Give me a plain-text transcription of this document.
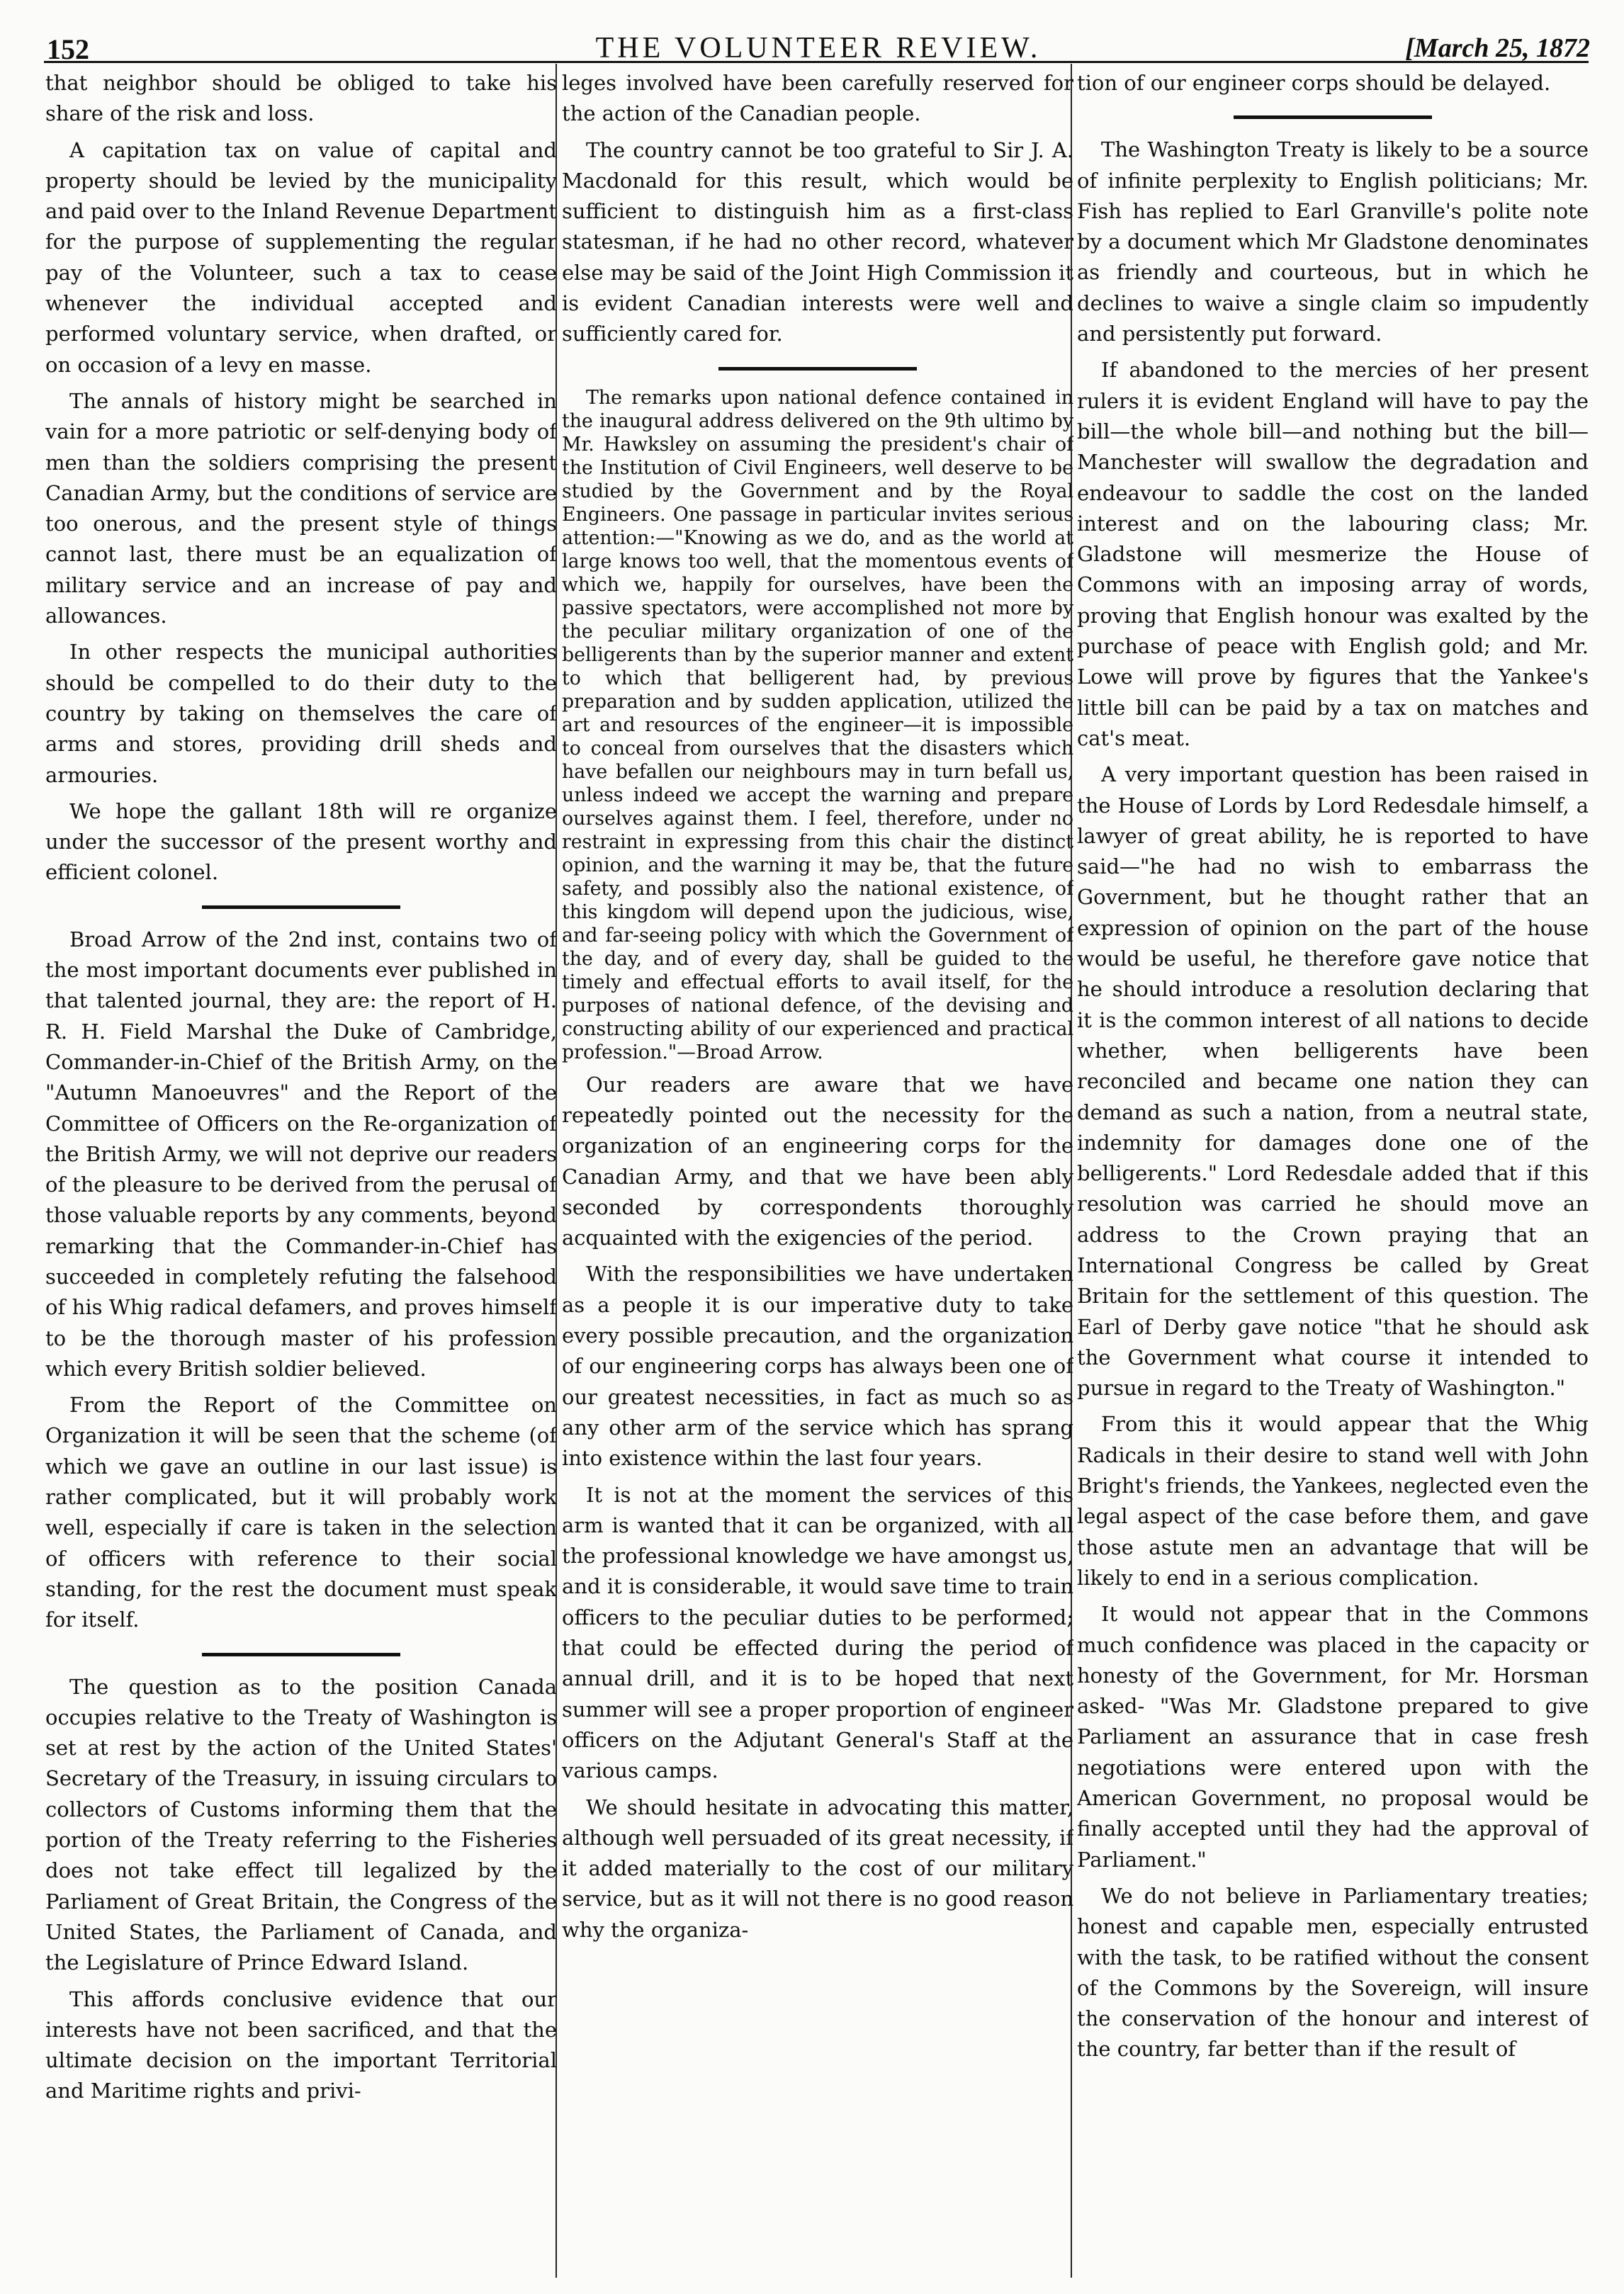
152	THE VOLUNTEER REVIEW.	[March 25, 1872

that neighbor should be obliged to take his share of the risk and loss.

A capitation tax on value of capital and property should be levied by the municipality and paid over to the Inland Revenue Department for the purpose of supplementing the regular pay of the Volunteer, such a tax to cease whenever the individual accepted and performed voluntary service, when drafted, or on occasion of a levy en masse.

The annals of history might be searched in vain for a more patriotic or self-denying body of men than the soldiers comprising the present Canadian Army, but the conditions of service are too onerous, and the present style of things cannot last, there must be an equalization of military service and an increase of pay and allowances.

In other respects the municipal authorities should be compelled to do their duty to the country by taking on themselves the care of arms and stores, providing drill sheds and armouries.

We hope the gallant 18th will re organize under the successor of the present worthy and efficient colonel.

Broad Arrow of the 2nd inst, contains two of the most important documents ever published in that talented journal, they are: the report of H. R. H. Field Marshal the Duke of Cambridge, Commander-in-Chief of the British Army, on the "Autumn Manoeuvres" and the Report of the Committee of Officers on the Re-organization of the British Army, we will not deprive our readers of the pleasure to be derived from the perusal of those valuable reports by any comments, beyond remarking that the Commander-in-Chief has succeeded in completely refuting the falsehood of his Whig radical defamers, and proves himself to be the thorough master of his profession which every British soldier believed.

From the Report of the Committee on Organization it will be seen that the scheme (of which we gave an outline in our last issue) is rather complicated, but it will probably work well, especially if care is taken in the selection of officers with reference to their social standing, for the rest the document must speak for itself.

The question as to the position Canada occupies relative to the Treaty of Washington is set at rest by the action of the United States' Secretary of the Treasury, in issuing circulars to collectors of Customs informing them that the portion of the Treaty referring to the Fisheries does not take effect till legalized by the Parliament of Great Britain, the Congress of the United States, the Parliament of Canada, and the Legislature of Prince Edward Island.

This affords conclusive evidence that our interests have not been sacrificed, and that the ultimate decision on the important Territorial and Maritime rights and privi-

leges involved have been carefully reserved for the action of the Canadian people.

The country cannot be too grateful to Sir J. A. Macdonald for this result, which would be sufficient to distinguish him as a first-class statesman, if he had no other record, whatever else may be said of the Joint High Commission it is evident Canadian interests were well and sufficiently cared for.

The remarks upon national defence contained in the inaugural address delivered on the 9th ultimo by Mr. Hawksley on assuming the president's chair of the Institution of Civil Engineers, well deserve to be studied by the Government and by the Royal Engineers. One passage in particular invites serious attention:—"Knowing as we do, and as the world at large knows too well, that the momentous events of which we, happily for ourselves, have been the passive spectators, were accomplished not more by the peculiar military organization of one of the belligerents than by the superior manner and extent to which that belligerent had, by previous preparation and by sudden application, utilized the art and resources of the engineer—it is impossible to conceal from ourselves that the disasters which have befallen our neighbours may in turn befall us, unless indeed we accept the warning and prepare ourselves against them. I feel, therefore, under no restraint in expressing from this chair the distinct opinion, and the warning it may be, that the future safety, and possibly also the national existence, of this kingdom will depend upon the judicious, wise, and far-seeing policy with which the Government of the day, and of every day, shall be guided to the timely and effectual efforts to avail itself, for the purposes of national defence, of the devising and constructing ability of our experienced and practical profession."—Broad Arrow.

Our readers are aware that we have repeatedly pointed out the necessity for the organization of an engineering corps for the Canadian Army, and that we have been ably seconded by correspondents thoroughly acquainted with the exigencies of the period.

With the responsibilities we have undertaken as a people it is our imperative duty to take every possible precaution, and the organization of our engineering corps has always been one of our greatest necessities, in fact as much so as any other arm of the service which has sprang into existence within the last four years.

It is not at the moment the services of this arm is wanted that it can be organized, with all the professional knowledge we have amongst us, and it is considerable, it would save time to train officers to the peculiar duties to be performed; that could be effected during the period of annual drill, and it is to be hoped that next summer will see a proper proportion of engineer officers on the Adjutant General's Staff at the various camps.

We should hesitate in advocating this matter, although well persuaded of its great necessity, if it added materially to the cost of our military service, but as it will not there is no good reason why the organiza-

tion of our engineer corps should be delayed.

The Washington Treaty is likely to be a source of infinite perplexity to English politicians; Mr. Fish has replied to Earl Granville's polite note by a document which Mr Gladstone denominates as friendly and courteous, but in which he declines to waive a single claim so impudently and persistently put forward.

If abandoned to the mercies of her present rulers it is evident England will have to pay the bill—the whole bill—and nothing but the bill—Manchester will swallow the degradation and endeavour to saddle the cost on the landed interest and on the labouring class; Mr. Gladstone will mesmerize the House of Commons with an imposing array of words, proving that English honour was exalted by the purchase of peace with English gold; and Mr. Lowe will prove by figures that the Yankee's little bill can be paid by a tax on matches and cat's meat.

A very important question has been raised in the House of Lords by Lord Redesdale himself, a lawyer of great ability, he is reported to have said—"he had no wish to embarrass the Government, but he thought rather that an expression of opinion on the part of the house would be useful, he therefore gave notice that he should introduce a resolution declaring that it is the common interest of all nations to decide whether, when belligerents have been reconciled and became one nation they can demand as such a nation, from a neutral state, indemnity for damages done one of the belligerents." Lord Redesdale added that if this resolution was carried he should move an address to the Crown praying that an International Congress be called by Great Britain for the settlement of this question. The Earl of Derby gave notice "that he should ask the Government what course it intended to pursue in regard to the Treaty of Washington."

From this it would appear that the Whig Radicals in their desire to stand well with John Bright's friends, the Yankees, neglected even the legal aspect of the case before them, and gave those astute men an advantage that will be likely to end in a serious complication.

It would not appear that in the Commons much confidence was placed in the capacity or honesty of the Government, for Mr. Horsman asked- "Was Mr. Gladstone prepared to give Parliament an assurance that in case fresh negotiations were entered upon with the American Government, no proposal would be finally accepted until they had the approval of Parliament."

We do not believe in Parliamentary treaties; honest and capable men, especially entrusted with the task, to be ratified without the consent of the Commons by the Sovereign, will insure the conservation of the honour and interest of the country, far better than if the result of
